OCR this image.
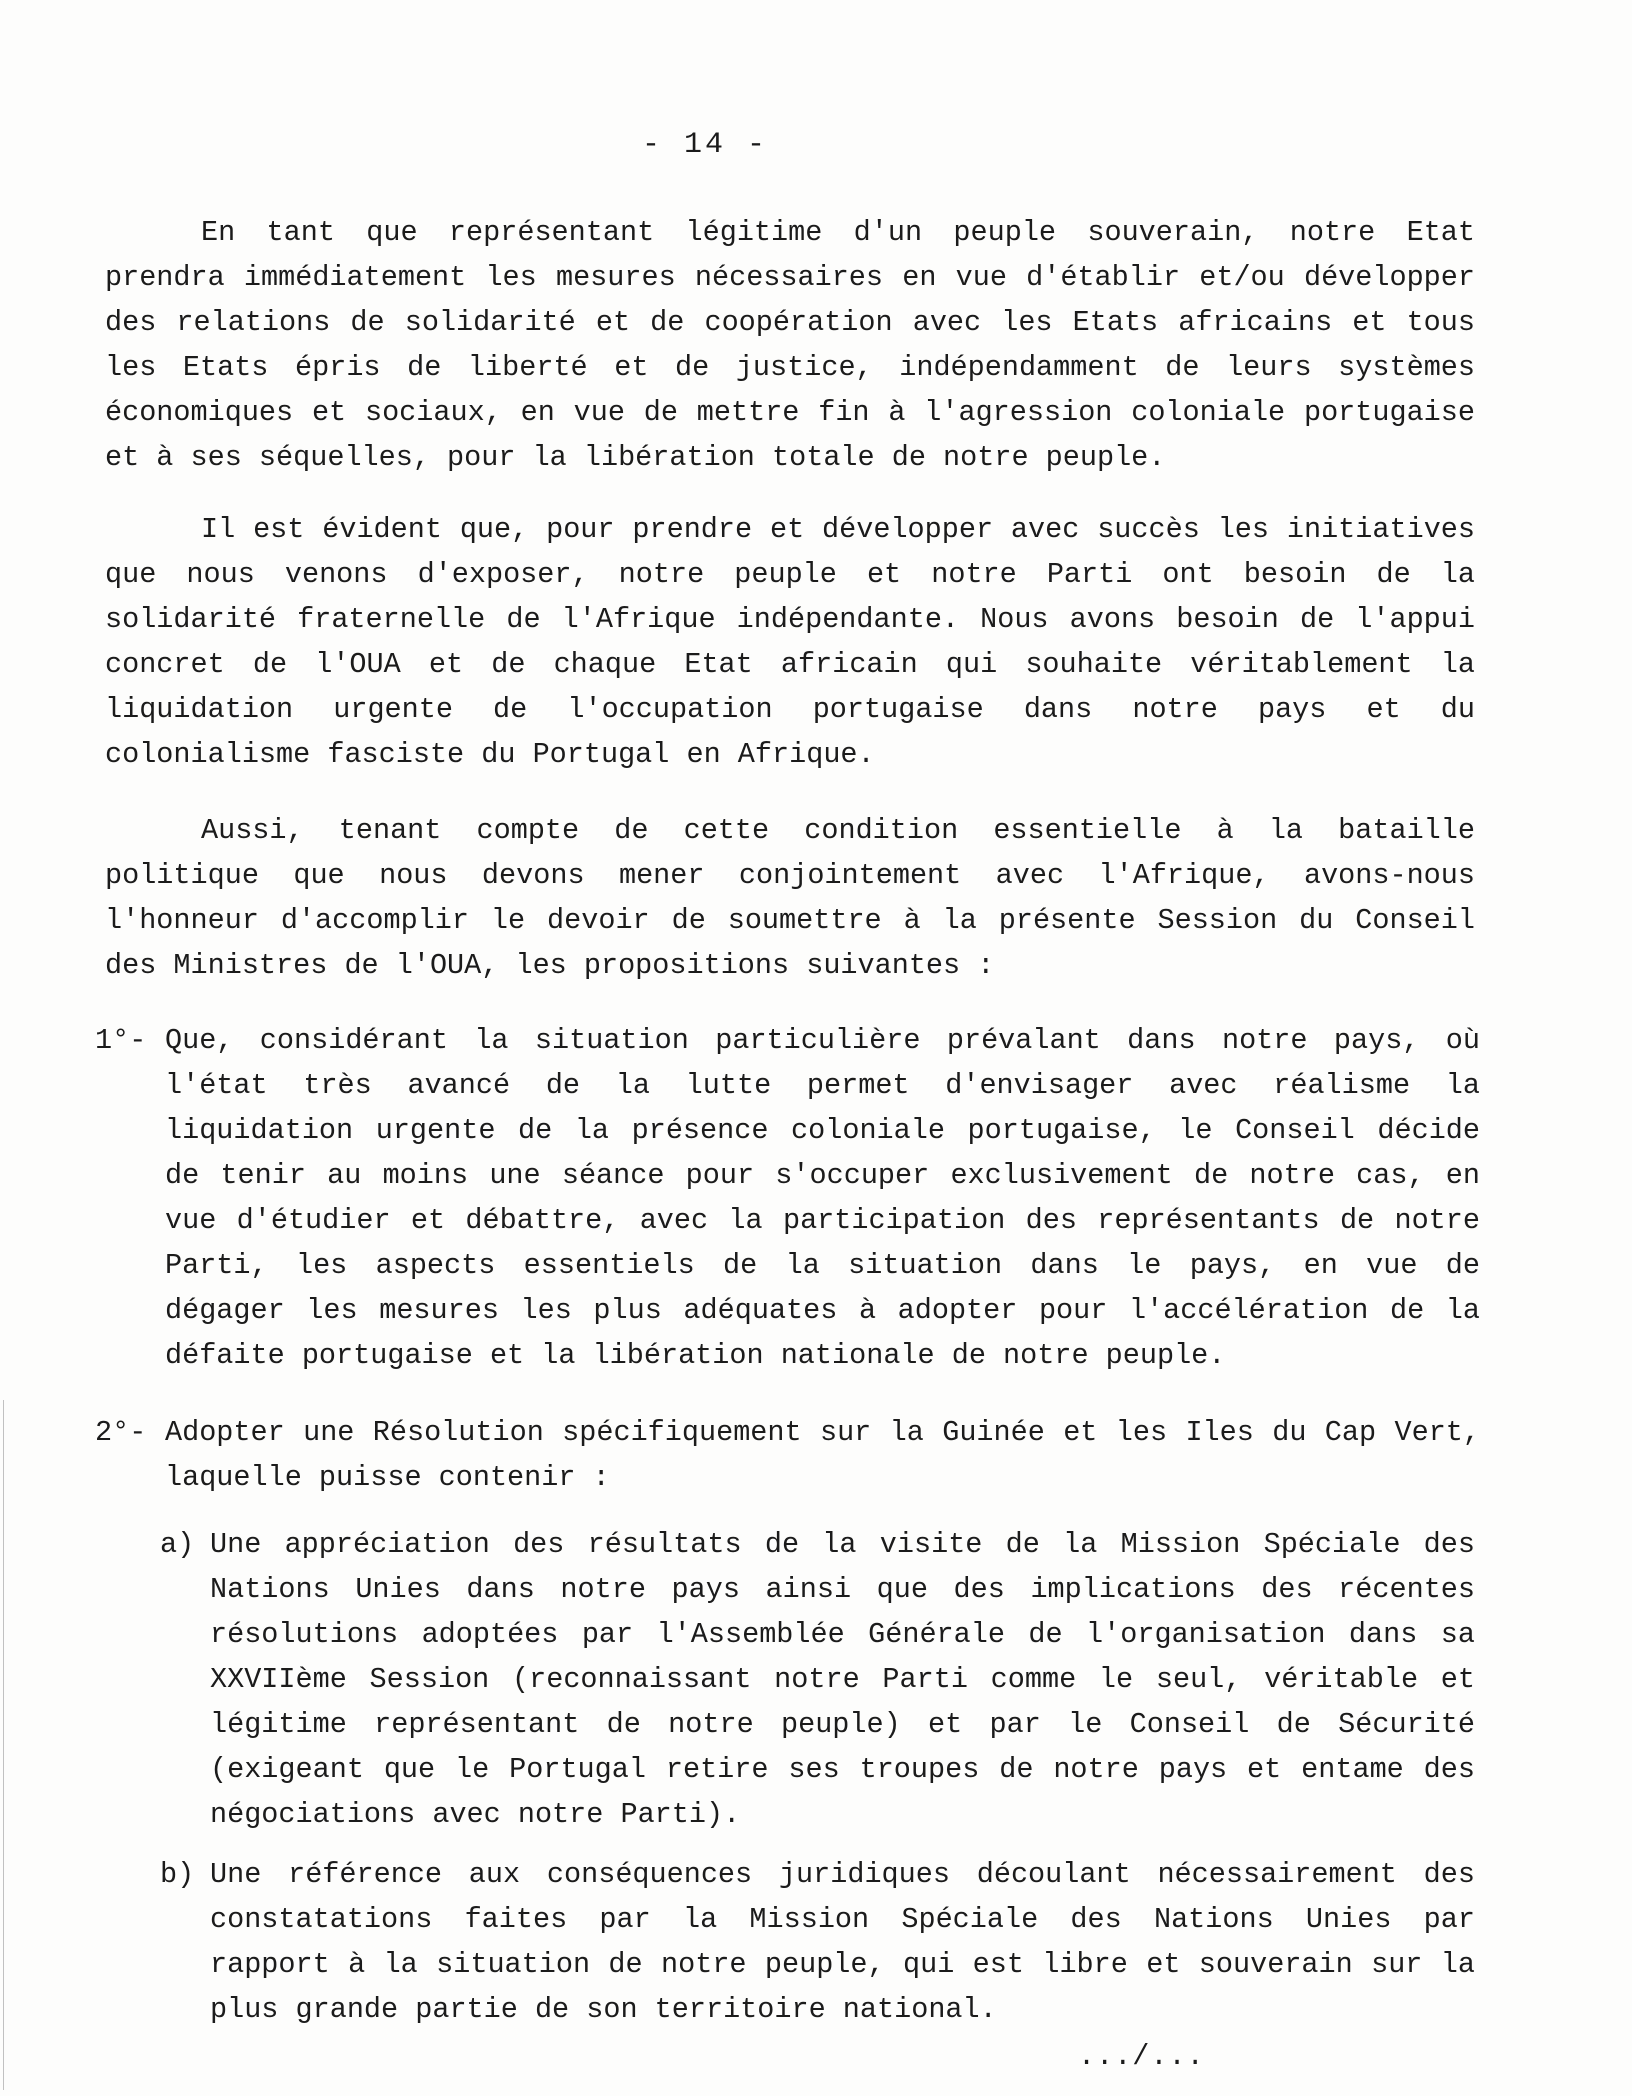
- 14 -

En tant que représentant légitime d'un peuple souverain, notre Etat prendra immédiatement les mesures nécessaires en vue d'établir et/ou développer des relations de solidarité et de coopération avec les Etats africains et tous les Etats épris de liberté et de justice, indépendamment de leurs systèmes économiques et sociaux, en vue de mettre fin à l'agression coloniale portugaise et à ses séquelles, pour la libération totale de notre peuple.

Il est évident que, pour prendre et développer avec succès les initiatives que nous venons d'exposer, notre peuple et notre Parti ont besoin de la solidarité fraternelle de l'Afrique indépendante. Nous avons besoin de l'appui concret de l'OUA et de chaque Etat africain qui souhaite véritablement la liquidation urgente de l'occupation portugaise dans notre pays et du colonialisme fasciste du Portugal en Afrique.

Aussi, tenant compte de cette condition essentielle à la bataille politique que nous devons mener conjointement avec l'Afrique, avons-nous l'honneur d'accomplir le devoir de soumettre à la présente Session du Conseil des Ministres de l'OUA, les propositions suivantes :

1°- Que, considérant la situation particulière prévalant dans notre pays, où l'état très avancé de la lutte permet d'envisager avec réalisme la liquidation urgente de la présence coloniale portugaise, le Conseil décide de tenir au moins une séance pour s'occuper exclusivement de notre cas, en vue d'étudier et débattre, avec la participation des représentants de notre Parti, les aspects essentiels de la situation dans le pays, en vue de dégager les mesures les plus adéquates à adopter pour l'accélération de la défaite portugaise et la libération nationale de notre peuple.

2°- Adopter une Résolution spécifiquement sur la Guinée et les Iles du Cap Vert, laquelle puisse contenir :

a) Une appréciation des résultats de la visite de la Mission Spéciale des Nations Unies dans notre pays ainsi que des implications des récentes résolutions adoptées par l'Assemblée Générale de l'organisation dans sa XXVIIème Session (reconnaissant notre Parti comme le seul, véritable et légitime représentant de notre peuple) et par le Conseil de Sécurité (exigeant que le Portugal retire ses troupes de notre pays et entame des négociations avec notre Parti).

b) Une référence aux conséquences juridiques découlant nécessairement des constatations faites par la Mission Spéciale des Nations Unies par rapport à la situation de notre peuple, qui est libre et souverain sur la plus grande partie de son territoire national.

.../...
